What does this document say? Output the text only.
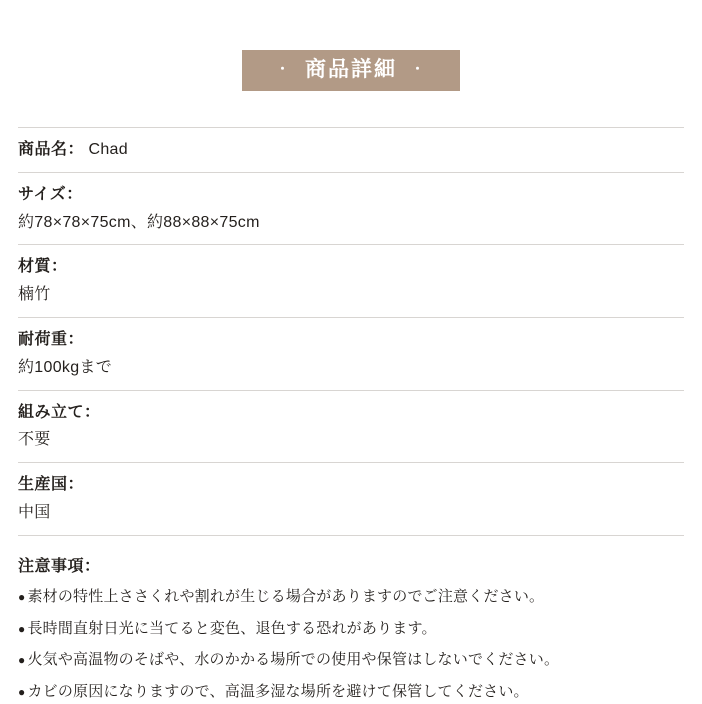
・ 商品詳細 ・
商品名： Chad
サイズ：
約78×78×75cm、約88×88×75cm
材質：
楠竹
耐荷重：
約100kgまで
組み立て：
不要
生産国：
中国
注意事項：
● 素材の特性上ささくれや割れが生じる場合がありますのでご注意ください。
● 長時間直射日光に当てると変色、退色する恐れがあります。
● 火気や高温物のそばや、水のかかる場所での使用や保管はしないでください。
● カビの原因になりますので、高温多湿な場所を避けて保管してください。
